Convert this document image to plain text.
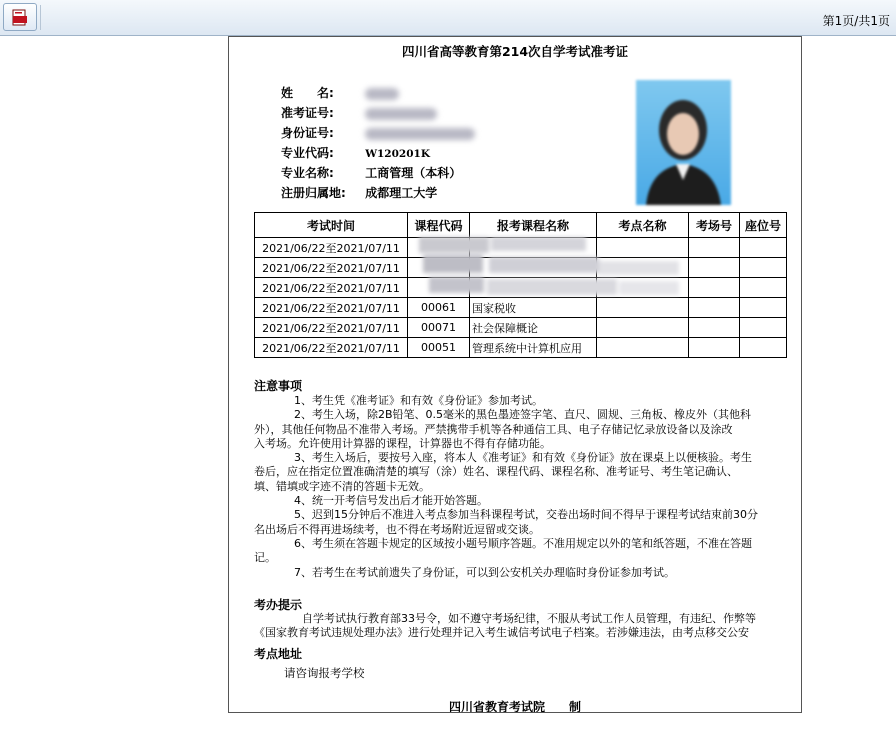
第1页/共1页
四川省高等教育第214次自学考试准考证
姓　　名:
准考证号:
身份证号:
专业代码:	W120201K
专业名称:	工商管理（本科）
注册归属地: 成都理工大学
考试时间	课程代码	报考课程名称	考点名称	考场号	座位号
2021/06/22至2021/07/11					
2021/06/22至2021/07/11					
2021/06/22至2021/07/11					
2021/06/22至2021/07/11	00061	国家税收			
2021/06/22至2021/07/11	00071	社会保障概论			
2021/06/22至2021/07/11	00051	管理系统中计算机应用			
注意事项

1、考生凭《准考证》和有效《身份证》参加考试。

2、考生入场，除2B铅笔、0.5毫米的黑色墨迹签字笔、直尺、圆规、三角板、橡皮外（其他科

外），其他任何物品不准带入考场。严禁携带手机等各种通信工具、电子存储记忆录放设备以及涂改

入考场。允许使用计算器的课程，计算器也不得有存储功能。

3、考生入场后，要按号入座，将本人《准考证》和有效《身份证》放在课桌上以便核验。考生

卷后，应在指定位置准确清楚的填写（涂）姓名、课程代码、课程名称、准考证号、考生笔记确认、

填、错填或字迹不清的答题卡无效。

4、统一开考信号发出后才能开始答题。

5、迟到15分钟后不准进入考点参加当科课程考试，交卷出场时间不得早于课程考试结束前30分

名出场后不得再进场续考，也不得在考场附近逗留或交谈。

6、考生须在答题卡规定的区域按小题号顺序答题。不准用规定以外的笔和纸答题，不准在答题

记。

7、若考生在考试前遗失了身份证，可以到公安机关办理临时身份证参加考试。

考办提示

自学考试执行教育部33号令，如不遵守考场纪律，不服从考试工作人员管理，有违纪、作弊等

《国家教育考试违规处理办法》进行处理并记入考生诚信考试电子档案。若涉嫌违法，由考点移交公安

考点地址
请咨询报考学校
四川省教育考试院　　制
